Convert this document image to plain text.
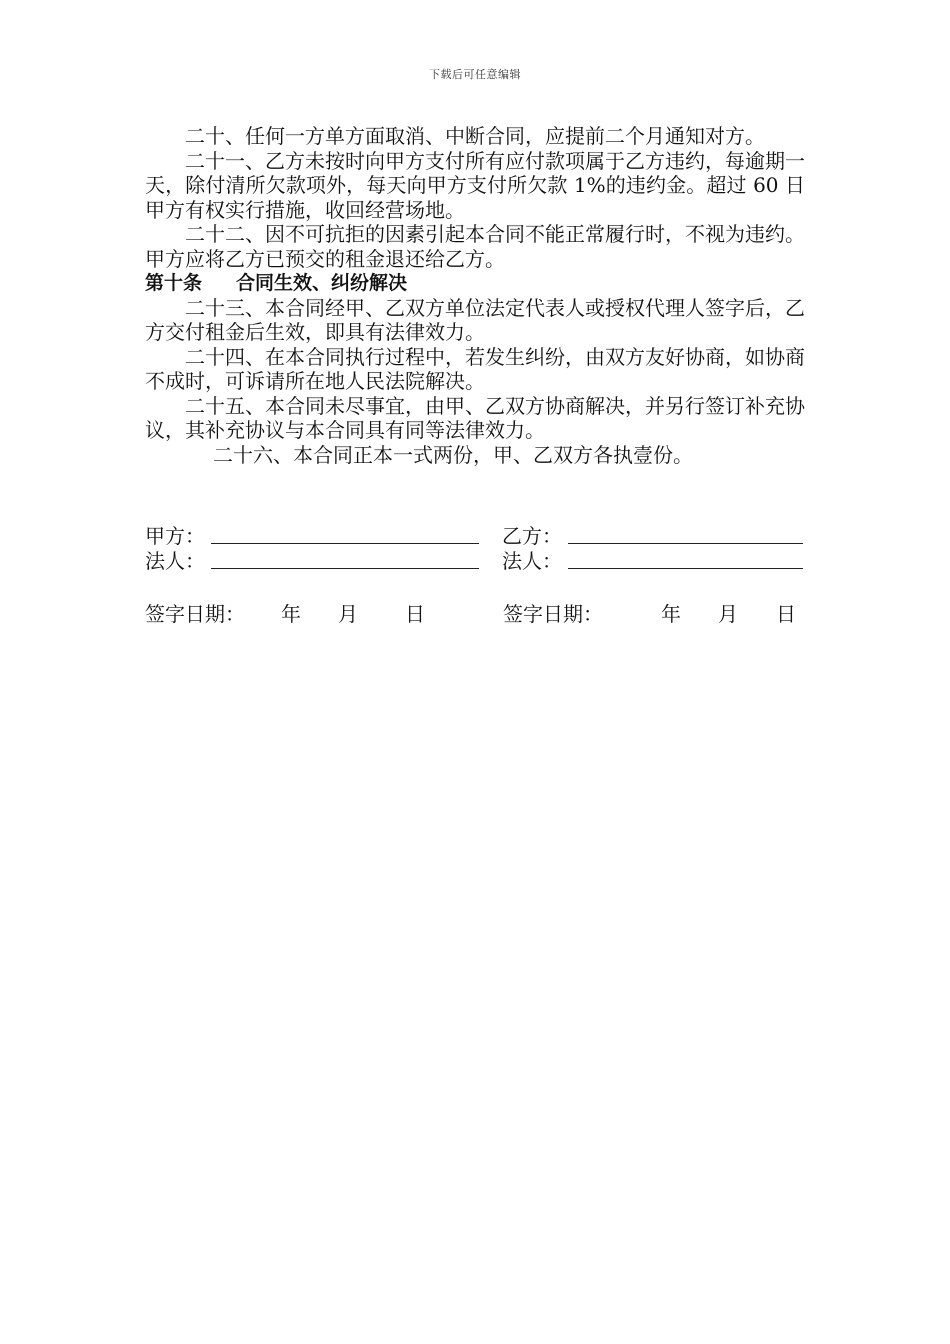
下载后可任意编辑

二十、任何一方单方面取消、中断合同，应提前二个月通知对方。

二十一、乙方未按时向甲方支付所有应付款项属于乙方违约，每逾期一天，除付清所欠款项外，每天向甲方支付所欠款 1%的违约金。超过 60 日甲方有权实行措施，收回经营场地。

二十二、因不可抗拒的因素引起本合同不能正常履行时，不视为违约。甲方应将乙方已预交的租金退还给乙方。

第十条 合同生效、纠纷解决

二十三、本合同经甲、乙双方单位法定代表人或授权代理人签字后，乙方交付租金后生效，即具有法律效力。

二十四、在本合同执行过程中，若发生纠纷，由双方友好协商，如协商不成时，可诉请所在地人民法院解决。

二十五、本合同未尽事宜，由甲、乙双方协商解决，并另行签订补充协议，其补充协议与本合同具有同等法律效力。

二十六、本合同正本一式两份，甲、乙双方各执壹份。

甲方：	乙方：
法人：	法人：
签字日期： 年 月 日	签字日期：	年 月 日
